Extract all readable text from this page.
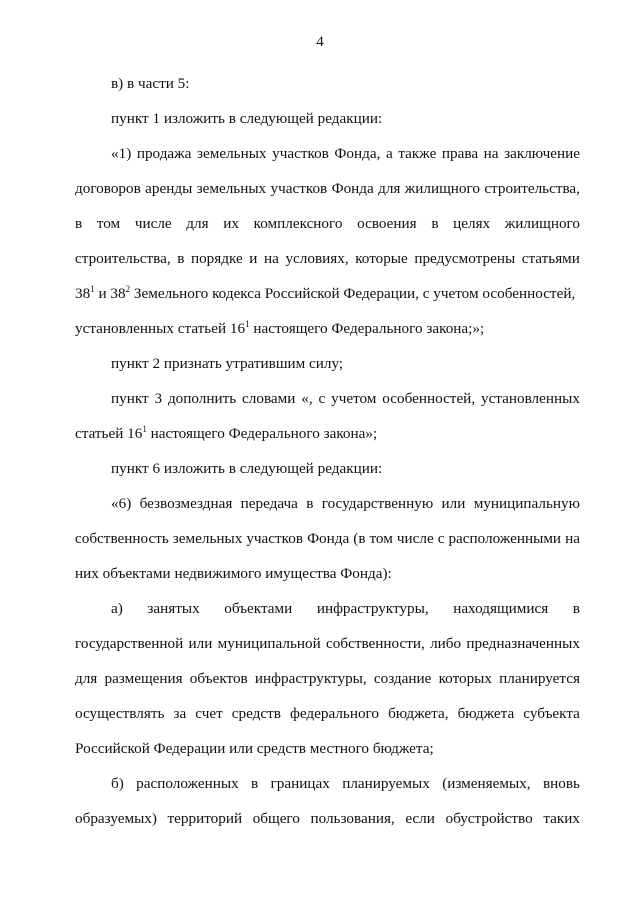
4
в) в части 5:
пункт 1 изложить в следующей редакции:
«1) продажа земельных участков Фонда, а также права на заключение
договоров аренды земельных участков Фонда для жилищного строительства,
в том числе для их комплексного освоения в целях жилищного
строительства, в порядке и на условиях, которые предусмотрены статьями
$38^1$ и $38^2$ Земельного кодекса Российской Федерации, с учетом особенностей,
установленных статьей $16^1$ настоящего Федерального закона;»;
пункт 2 признать утратившим силу;
пункт 3 дополнить словами «, с учетом особенностей, установленных
статьей $16^1$ настоящего Федерального закона»;
пункт 6 изложить в следующей редакции:
«6) безвозмездная передача в государственную или муниципальную
собственность земельных участков Фонда (в том числе с расположенными на
них объектами недвижимого имущества Фонда):
а) занятых объектами инфраструктуры, находящимися в
государственной или муниципальной собственности, либо предназначенных
для размещения объектов инфраструктуры, создание которых планируется
осуществлять за счет средств федерального бюджета, бюджета субъекта
Российской Федерации или средств местного бюджета;
б) расположенных в границах планируемых (изменяемых, вновь
образуемых) территорий общего пользования, если обустройство таких
